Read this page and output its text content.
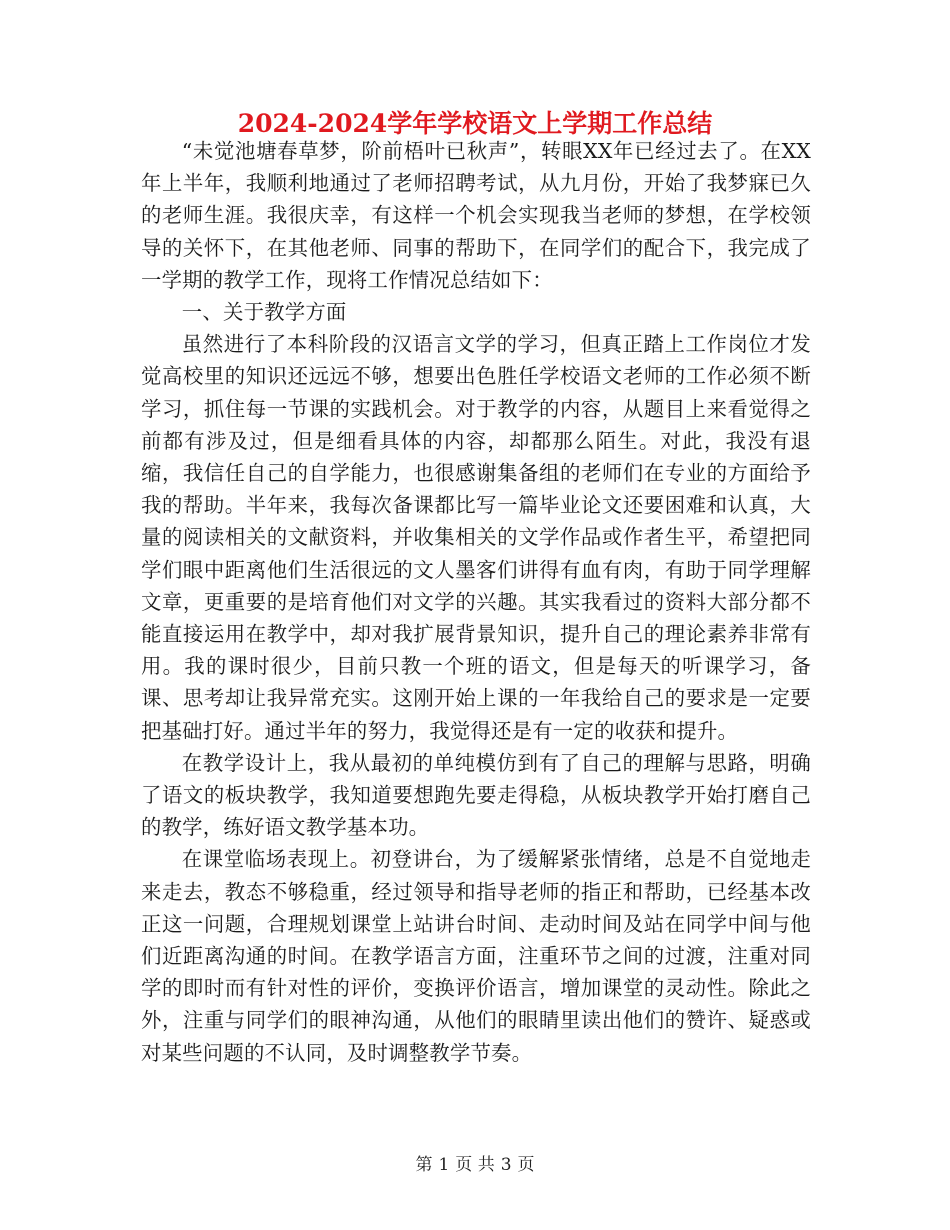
2024-2024学年学校语文上学期工作总结

“未觉池塘春草梦，阶前梧叶已秋声”，转眼XX年已经过去了。在XX年上半年，我顺利地通过了老师招聘考试，从九月份，开始了我梦寐已久的老师生涯。我很庆幸，有这样一个机会实现我当老师的梦想，在学校领导的关怀下，在其他老师、同事的帮助下，在同学们的配合下，我完成了一学期的教学工作，现将工作情况总结如下：

一、关于教学方面

虽然进行了本科阶段的汉语言文学的学习，但真正踏上工作岗位才发觉高校里的知识还远远不够，想要出色胜任学校语文老师的工作必须不断学习，抓住每一节课的实践机会。对于教学的内容，从题目上来看觉得之前都有涉及过，但是细看具体的内容，却都那么陌生。对此，我没有退缩，我信任自己的自学能力，也很感谢集备组的老师们在专业的方面给予我的帮助。半年来，我每次备课都比写一篇毕业论文还要困难和认真，大量的阅读相关的文献资料，并收集相关的文学作品或作者生平，希望把同学们眼中距离他们生活很远的文人墨客们讲得有血有肉，有助于同学理解文章，更重要的是培育他们对文学的兴趣。其实我看过的资料大部分都不能直接运用在教学中，却对我扩展背景知识，提升自己的理论素养非常有用。我的课时很少，目前只教一个班的语文，但是每天的听课学习，备课、思考却让我异常充实。这刚开始上课的一年我给自己的要求是一定要把基础打好。通过半年的努力，我觉得还是有一定的收获和提升。

在教学设计上，我从最初的单纯模仿到有了自己的理解与思路，明确了语文的板块教学，我知道要想跑先要走得稳，从板块教学开始打磨自己的教学，练好语文教学基本功。

在课堂临场表现上。初登讲台，为了缓解紧张情绪，总是不自觉地走来走去，教态不够稳重，经过领导和指导老师的指正和帮助，已经基本改正这一问题，合理规划课堂上站讲台时间、走动时间及站在同学中间与他们近距离沟通的时间。在教学语言方面，注重环节之间的过渡，注重对同学的即时而有针对性的评价，变换评价语言，增加课堂的灵动性。除此之外，注重与同学们的眼神沟通，从他们的眼睛里读出他们的赞许、疑惑或对某些问题的不认同，及时调整教学节奏。

第 1 页 共 3 页
